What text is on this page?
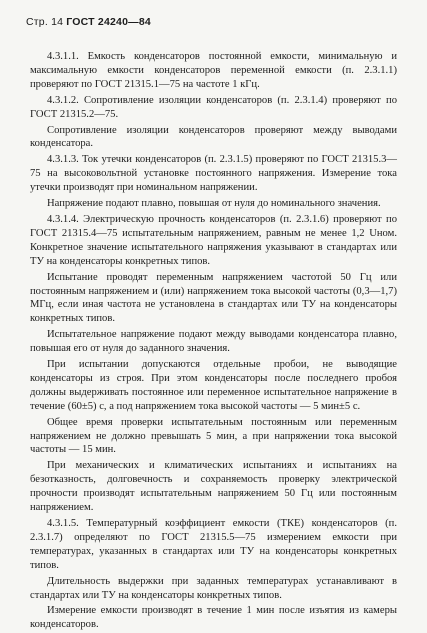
Стр. 14 ГОСТ 24240—84

4.3.1.1. Емкость конденсаторов постоянной емкости, минимальную и максимальную емкости конденсаторов переменной емкости (п. 2.3.1.1) проверяют по ГОСТ 21315.1—75 на частоте 1 кГц.

4.3.1.2. Сопротивление изоляции конденсаторов (п. 2.3.1.4) проверяют по ГОСТ 21315.2—75.

Сопротивление изоляции конденсаторов проверяют между выводами конденсатора.

4.3.1.3. Ток утечки конденсаторов (п. 2.3.1.5) проверяют по ГОСТ 21315.3—75 на высоковольтной установке постоянного напряжения. Измерение тока утечки производят при номинальном напряжении.

Напряжение подают плавно, повышая от нуля до номинального значения.

4.3.1.4. Электрическую прочность конденсаторов (п. 2.3.1.6) проверяют по ГОСТ 21315.4—75 испытательным напряжением, равным не менее 1,2 Uном. Конкретное значение испытательного напряжения указывают в стандартах или ТУ на конденсаторы конкретных типов.

Испытание проводят переменным напряжением частотой 50 Гц или постоянным напряжением и (или) напряжением тока высокой частоты (0,3—1,7) МГц, если иная частота не установлена в стандартах или ТУ на конденсаторы конкретных типов.

Испытательное напряжение подают между выводами конденсатора плавно, повышая его от нуля до заданного значения.

При испытании допускаются отдельные пробои, не выводящие конденсаторы из строя. При этом конденсаторы после последнего пробоя должны выдерживать постоянное или переменное испытательное напряжение в течение (60±5) с, а под напряжением тока высокой частоты — 5 мин±5 с.

Общее время проверки испытательным постоянным или переменным напряжением не должно превышать 5 мин, а при напряжении тока высокой частоты — 15 мин.

При механических и климатических испытаниях и испытаниях на безотказность, долговечность и сохраняемость проверку электрической прочности производят испытательным напряжением 50 Гц или постоянным напряжением.

4.3.1.5. Температурный коэффициент емкости (ТКЕ) конденсаторов (п. 2.3.1.7) определяют по ГОСТ 21315.5—75 измерением емкости при температурах, указанных в стандартах или ТУ на конденсаторы конкретных типов.

Длительность выдержки при заданных температурах устанавливают в стандартах или ТУ на конденсаторы конкретных типов.

Измерение емкости производят в течение 1 мин после изъятия из камеры конденсаторов.
